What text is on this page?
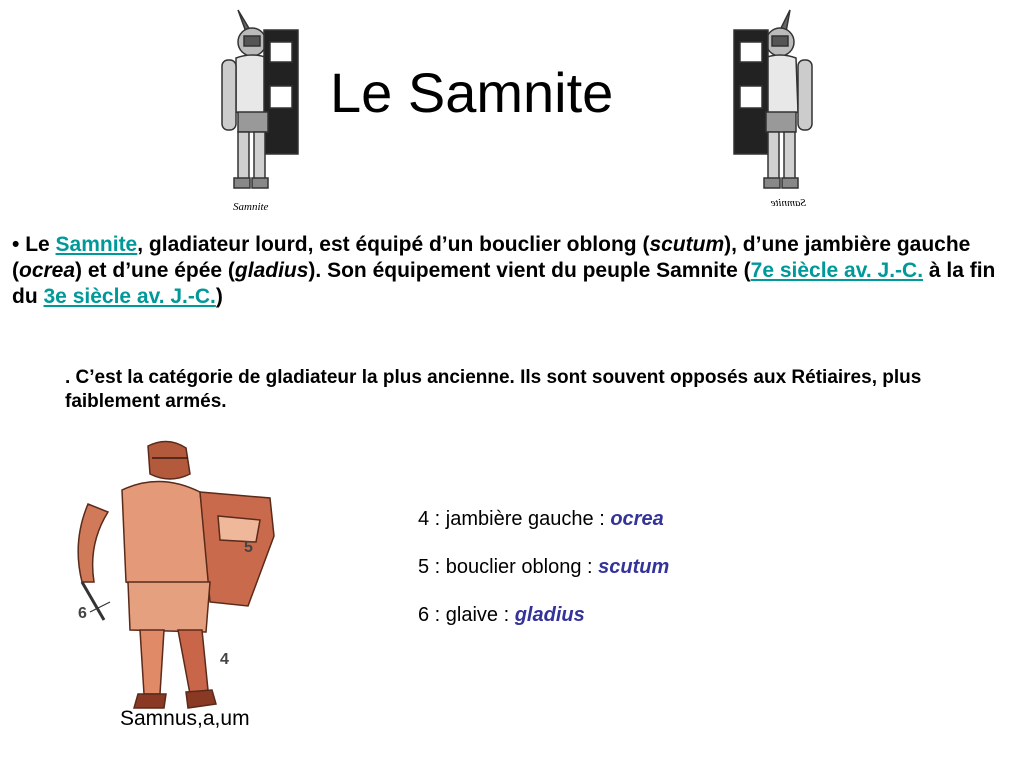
Samnite	Samnite
Le Samnite

• Le Samnite, gladiateur lourd, est équipé d’un bouclier oblong (scutum), d’une jambière gauche (ocrea) et d’une épée (gladius). Son équipement vient du peuple Samnite (7e siècle av. J.-C. à la fin du 3e siècle av. J.-C.)

. C’est la catégorie de gladiateur la plus ancienne. Ils sont souvent opposés aux Rétiaires, plus faiblement armés.

5
6
4

4 : jambière gauche : ocrea

5 : bouclier oblong : scutum

6 : glaive : gladius

Samnus,a,um
